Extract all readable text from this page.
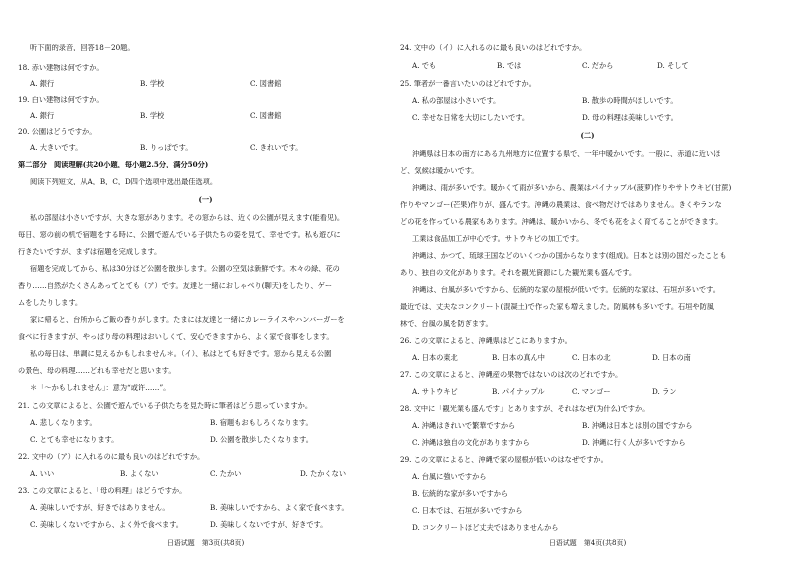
听下面的录音，回答18－20题。
18. 赤い建物は何ですか。
A. 銀行	B. 学校	C. 図書館
19. 白い建物は何ですか。
A. 銀行	B. 学校	C. 図書館
20. 公園はどうですか。
A. 大きいです。	B. りっぱです。	C. きれいです。
第二部分　阅读理解(共20小题，每小题2.5分，满分50分)
阅读下列短文，从A，B，C，D四个选项中选出最佳选项。
(一)
私の部屋は小さいですが、大きな窓があります。その窓からは、近くの公園が見えます(能看见)。
毎日、窓の前の机で宿題をする時に、公園で遊んでいる子供たちの姿を見て、幸せです。私も遊びに
行きたいですが、まずは宿題を完成します。
宿題を完成してから、私は30分ほど公園を散歩します。公園の空気は新鮮です。木々の緑、花の
香り……自然がたくさんあってとても（ア）です。友達と一緒におしゃべり(聊天)をしたり、ゲー
ムをしたりします。
家に帰ると、台所からご飯の香りがします。たまには友達と一緒にカレーライスやハンバーガーを
食べに行きますが、やっぱり母の料理はおいしくて、安心できますから、よく家で食事をします。
私の毎日は、単調に見えるかもしれません＊。（イ）、私はとても好きです。窓から見える公園
の景色、母の料理……どれも幸せだと思います。
＊「～かもしれません」：意为“或许……”。
21. この文章によると、公園で遊んでいる子供たちを見た時に筆者はどう思っていますか。
A. 悲しくなります。	B. 宿題もおもしろくなります。
C. とても幸せになります。	D. 公園を散歩したくなります。
22. 文中の（ア）に入れるのに最も良いのはどれですか。
A. いい	B. よくない	C. たかい	D. たかくない
23. この文章によると、「母の料理」はどうですか。
A. 美味しいですが、好きではありません。	B. 美味しいですから、よく家で食べます。
C. 美味しくないですから、よく外で食べます。	D. 美味しくないですが、好きです。
日语试题　第3页(共8页)
24. 文中の（イ）に入れるのに最も良いのはどれですか。
A. でも	B. では	C. だから	D. そして
25. 筆者が一番言いたいのはどれですか。
A. 私の部屋は小さいです。	B. 散歩の時間がほしいです。
C. 幸せな日常を大切にしたいです。	D. 母の料理は美味しいです。
(二)
沖縄県は日本の南方にある九州地方に位置する県で、一年中暖かいです。一般に、赤道に近いほ
ど、気候は暖かいです。
沖縄は、雨が多いです。暖かくて雨が多いから、農業はパイナップル(菠萝)作りやサトウキビ(甘蔗)
作りやマンゴー(芒果)作りが、盛んです。沖縄の農業は、食べ物だけではありません。きくやランな
どの花を作っている農家もあります。沖縄は、暖かいから、冬でも花をよく育てることができます。
工業は食品加工が中心です。サトウキビの加工です。
沖縄は、かつて、琉球王国などのいくつかの国からなります(组成)。日本とは別の国だったことも
あり、独自の文化があります。それを観光資源にした観光業も盛んです。
沖縄は、台風が多いですから、伝統的な家の屋根が低いです。伝統的な家は、石垣が多いです。
最近では、丈夫なコンクリート(混凝土)で作った家も増えました。防風林も多いです。石垣や防風
林で、台風の風を防ぎます。
26. この文章によると、沖縄県はどこにありますか。
A. 日本の東北	B. 日本の真ん中	C. 日本の北	D. 日本の南
27. この文章によると、沖縄産の果物ではないのは次のどれですか。
A. サトウキビ	B. パイナップル	C. マンゴー	D. ラン
28. 文中に「観光業も盛んです」とありますが、それはなぜ(为什么)ですか。
A. 沖縄はきれいで繁華ですから	B. 沖縄は日本とは別の国ですから
C. 沖縄は独自の文化がありますから	D. 沖縄に行く人が多いですから
29. この文章によると、沖縄で家の屋根が低いのはなぜですか。
A. 台風に強いですから
B. 伝統的な家が多いですから
C. 日本では、石垣が多いですから
D. コンクリートほど丈夫ではありませんから
日语试题　第4页(共8页)
